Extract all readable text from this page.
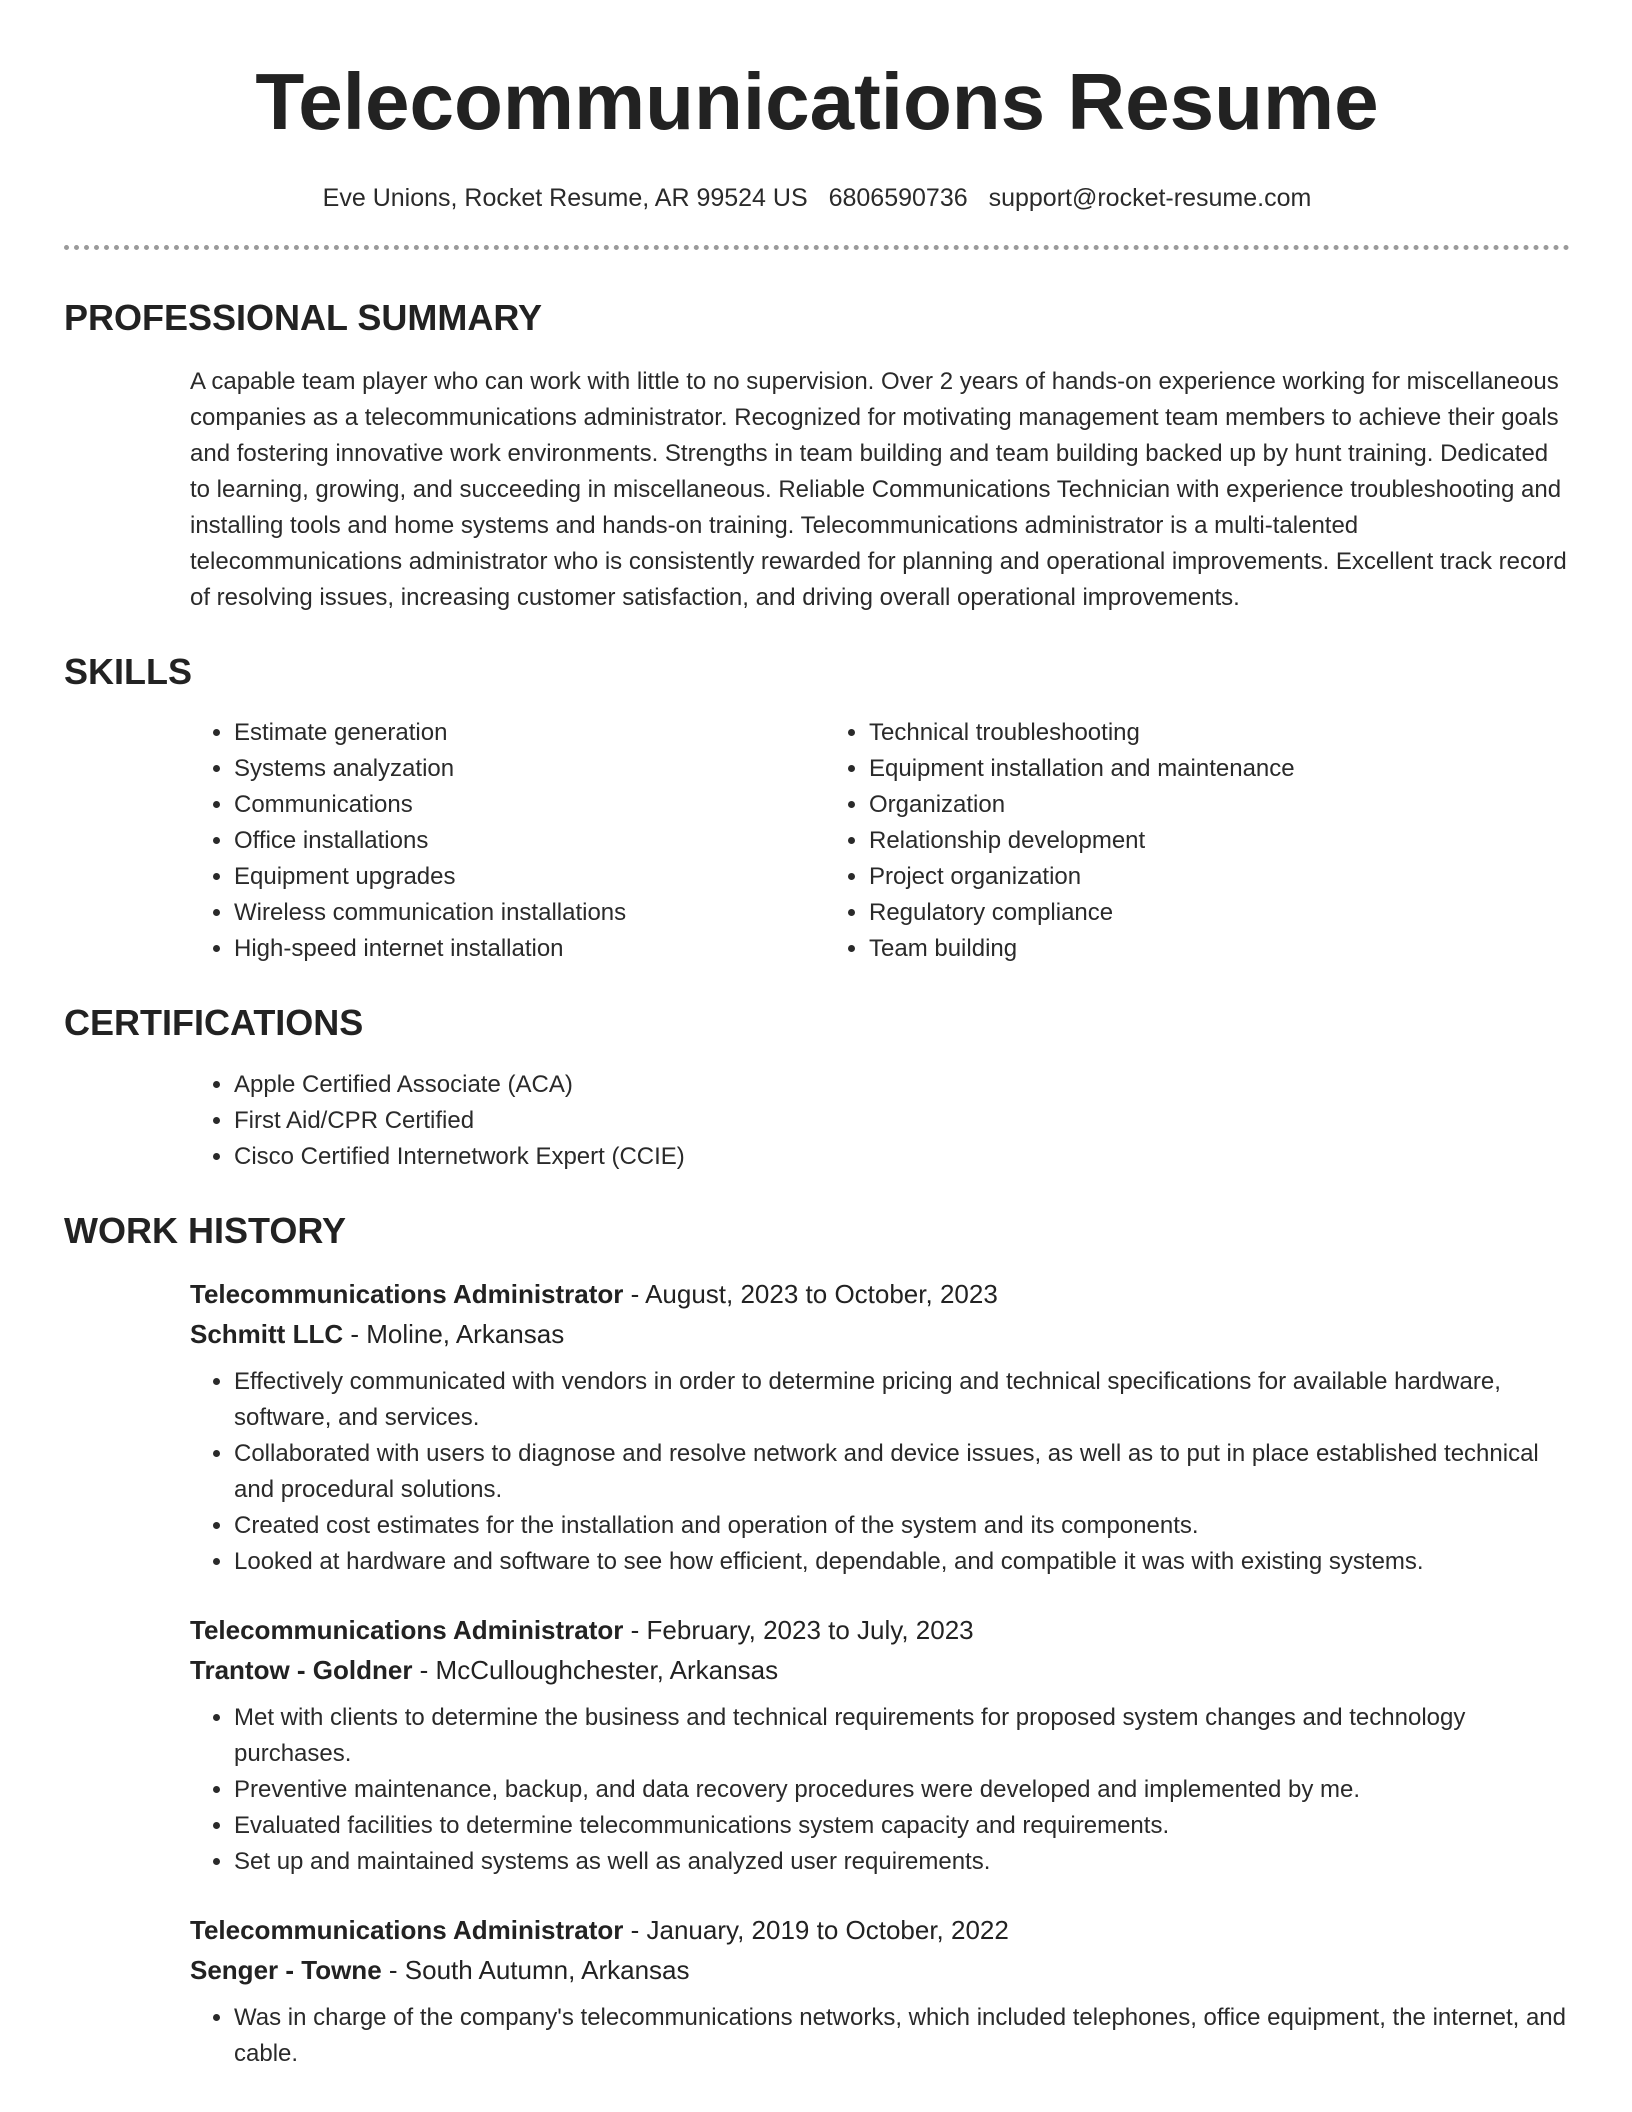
Telecommunications Resume
Eve Unions, Rocket Resume, AR 99524 US 6806590736 support@rocket-resume.com
PROFESSIONAL SUMMARY

A capable team player who can work with little to no supervision. Over 2 years of hands-on experience working for miscellaneous companies as a telecommunications administrator. Recognized for motivating management team members to achieve their goals and fostering innovative work environments. Strengths in team building and team building backed up by hunt training. Dedicated to learning, growing, and succeeding in miscellaneous. Reliable Communications Technician with experience troubleshooting and installing tools and home systems and hands-on training. Telecommunications administrator is a multi-talented telecommunications administrator who is consistently rewarded for planning and operational improvements. Excellent track record of resolving issues, increasing customer satisfaction, and driving overall operational improvements.

SKILLS
• Estimate generation
• Systems analyzation
• Communications
• Office installations
• Equipment upgrades
• Wireless communication installations
• High-speed internet installation
• Technical troubleshooting
• Equipment installation and maintenance
• Organization
• Relationship development
• Project organization
• Regulatory compliance
• Team building
CERTIFICATIONS
• Apple Certified Associate (ACA)
• First Aid/CPR Certified
• Cisco Certified Internetwork Expert (CCIE)
WORK HISTORY
Telecommunications Administrator - August, 2023 to October, 2023
Schmitt LLC - Moline, Arkansas
• Effectively communicated with vendors in order to determine pricing and technical specifications for available hardware, software, and services.
• Collaborated with users to diagnose and resolve network and device issues, as well as to put in place established technical and procedural solutions.
• Created cost estimates for the installation and operation of the system and its components.
• Looked at hardware and software to see how efficient, dependable, and compatible it was with existing systems.
Telecommunications Administrator - February, 2023 to July, 2023
Trantow - Goldner - McCulloughchester, Arkansas
• Met with clients to determine the business and technical requirements for proposed system changes and technology purchases.
• Preventive maintenance, backup, and data recovery procedures were developed and implemented by me.
• Evaluated facilities to determine telecommunications system capacity and requirements.
• Set up and maintained systems as well as analyzed user requirements.
Telecommunications Administrator - January, 2019 to October, 2022
Senger - Towne - South Autumn, Arkansas
• Was in charge of the company's telecommunications networks, which included telephones, office equipment, the internet, and cable.
